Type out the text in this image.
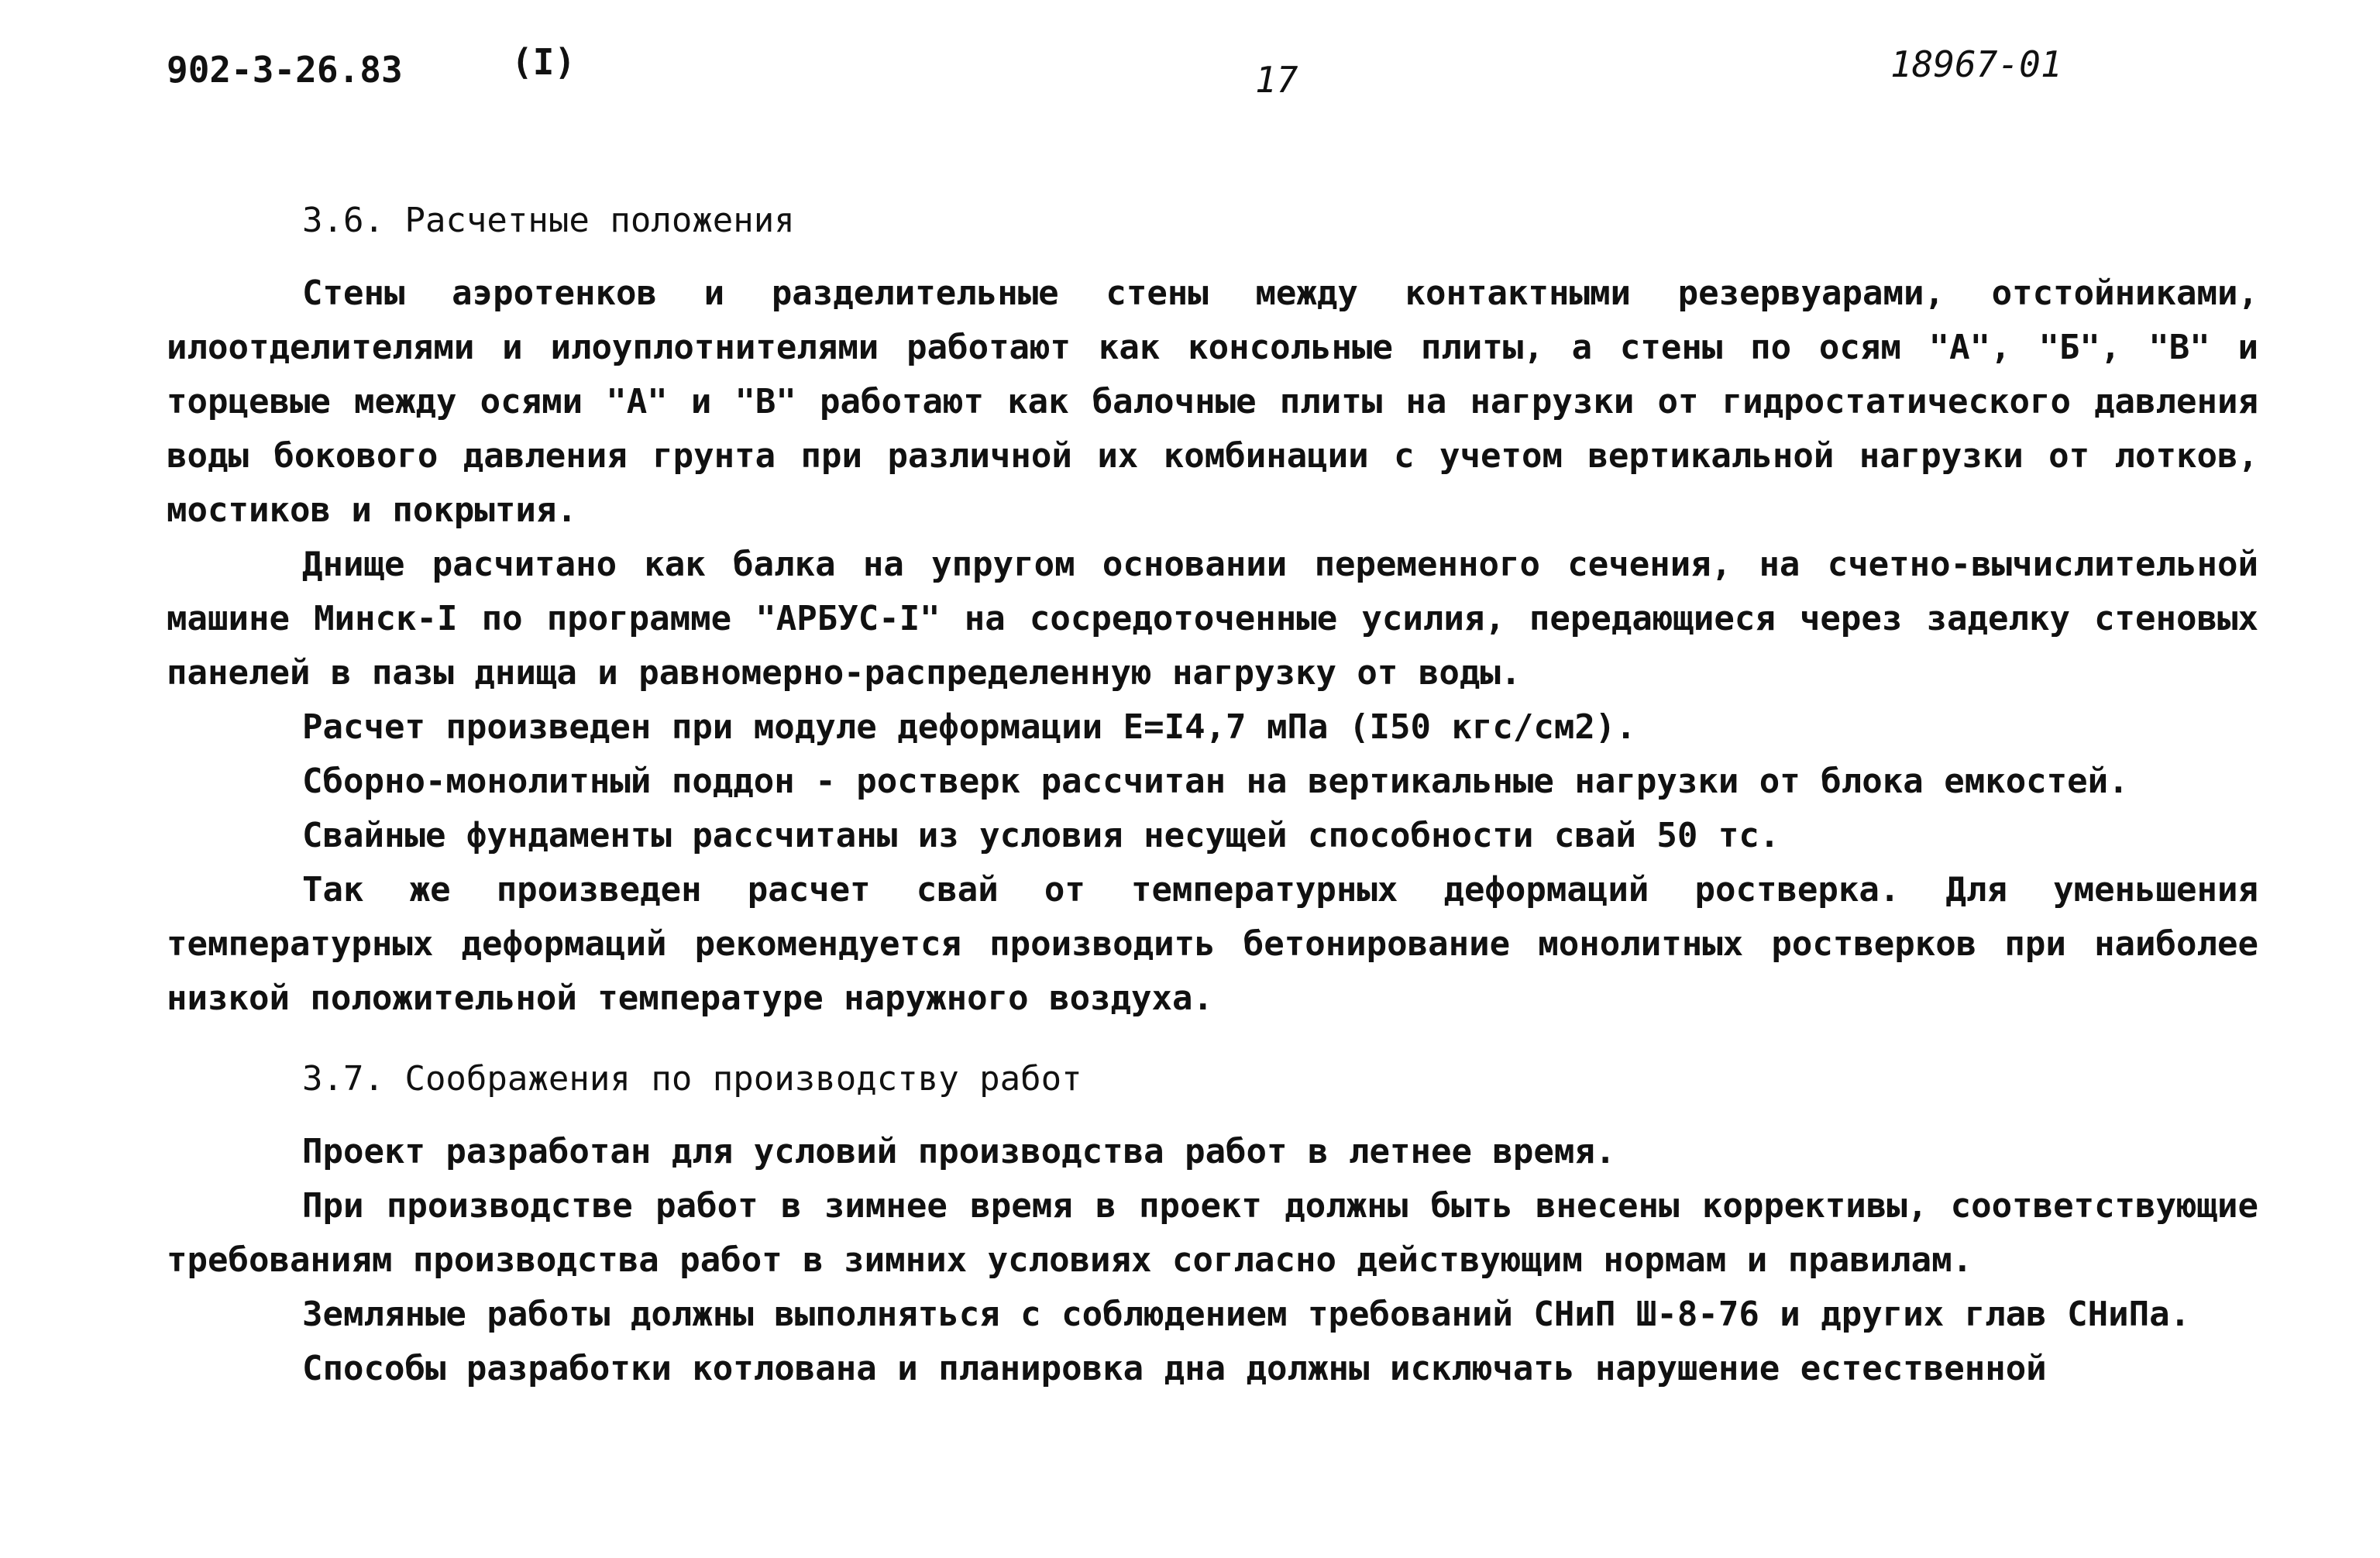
902-3-26.83	(I)	17	18967-01
3.6. Расчетные положения

Стены аэротенков и разделительные стены между контактными резервуарами, отстойниками, илоотделителями и илоуплотнителями работают как консольные плиты, а стены по осям "А", "Б", "В" и торцевые между осями "А" и "В" работают как балочные плиты на нагрузки от гидростатического давления воды бокового давления грунта при различной их комбинации с учетом вертикальной нагрузки от лотков, мостиков и покрытия.

Днище расчитано как балка на упругом основании переменного сечения, на счетно-вычислительной машине Минск-I по программе "АРБУС-I" на сосредоточенные усилия, передающиеся через заделку стеновых панелей в пазы днища и равномерно-распределенную нагрузку от воды.

Расчет произведен при модуле деформации Е=I4,7 мПа (I50 кгс/см2).

Сборно-монолитный поддон - ростверк рассчитан на вертикальные нагрузки от блока емкостей.

Свайные фундаменты рассчитаны из условия несущей способности свай 50 тс.

Так же произведен расчет свай от температурных деформаций ростверка. Для уменьшения температурных деформаций рекомендуется производить бетонирование монолитных ростверков при наиболее низкой положительной температуре наружного воздуха.

3.7. Соображения по производству работ

Проект разработан для условий производства работ в летнее время.

При производстве работ в зимнее время в проект должны быть внесены коррективы, соответствующие требованиям производства работ в зимних условиях согласно действующим нормам и правилам.

Земляные работы должны выполняться с соблюдением требований СНиП Ш-8-76 и других глав СНиПа.

Способы разработки котлована и планировка дна должны исключать нарушение естественной
